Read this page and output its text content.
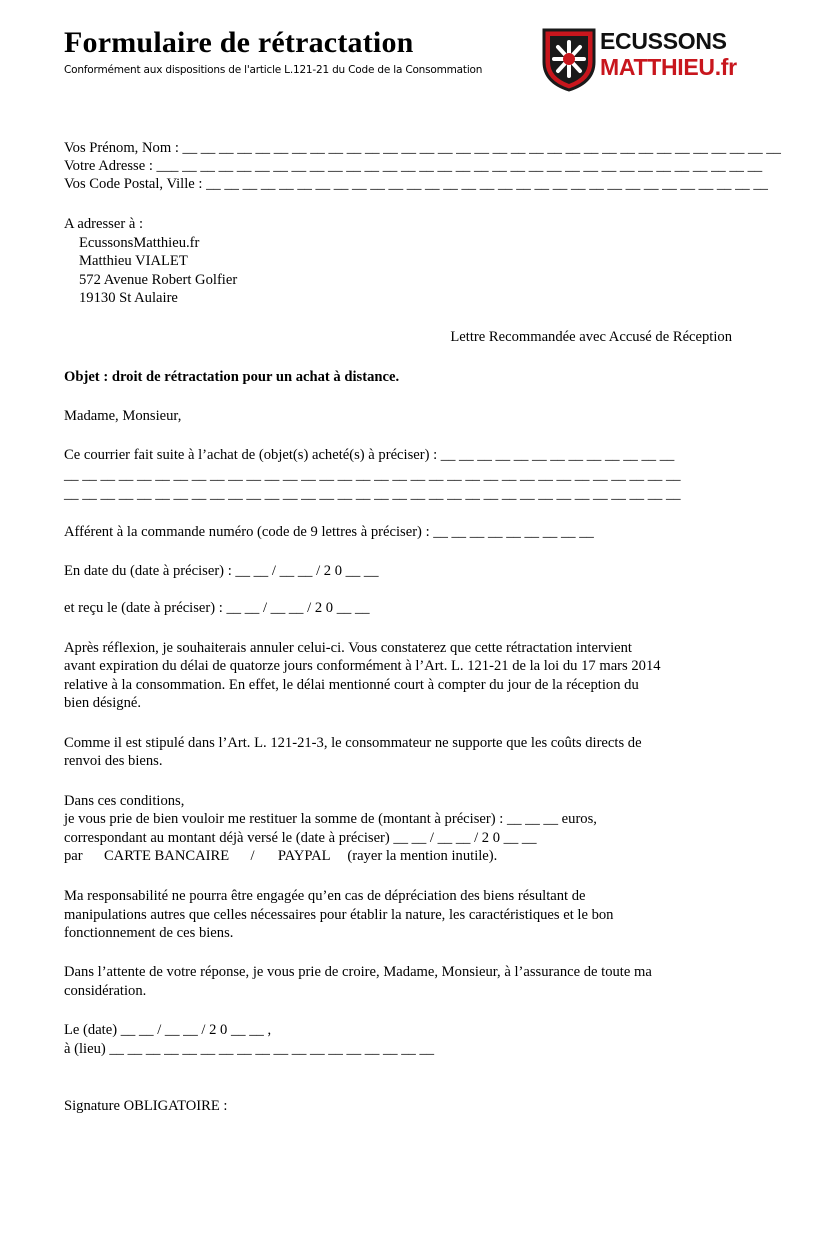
Formulaire de rétractation
Conformément aux dispositions de l'article L.121-21 du Code de la Consommation
ECUSSONS
MATTHIEU.fr
Vos Prénom, Nom : __ __ __ __ __ __ __ __ __ __ __ __ __ __ __ __ __ __ __ __ __ __ __ __ __ __ __ __ __ __ __ __ __
Votre Adresse : ___ __ __ __ __ __ __ __ __ __ __ __ __ __ __ __ __ __ __ __ __ __ __ __ __ __ __ __ __ __ __ __ __
Vos Code Postal, Ville : __ __ __ __ __ __ __ __ __ __ __ __ __ __ __ __ __ __ __ __ __ __ __ __ __ __ __ __ __ __ __
A adresser à :
EcussonsMatthieu.fr
Matthieu VIALET
572 Avenue Robert Golfier
19130 St Aulaire
Lettre Recommandée avec Accusé de Réception
Objet : droit de rétractation pour un achat à distance.
Madame, Monsieur,
Ce courrier fait suite à l’achat de (objet(s) acheté(s) à préciser) : __ __ __ __ __ __ __ __ __ __ __ __ __
__ __ __ __ __ __ __ __ __ __ __ __ __ __ __ __ __ __ __ __ __ __ __ __ __ __ __ __ __ __ __ __ __ __
__ __ __ __ __ __ __ __ __ __ __ __ __ __ __ __ __ __ __ __ __ __ __ __ __ __ __ __ __ __ __ __ __ __
Afférent à la commande numéro (code de 9 lettres à préciser) : __ __ __ __ __ __ __ __ __
En date du (date à préciser) : __ __ / __ __ / 2 0 __ __
et reçu le (date à préciser) : __ __ / __ __ / 2 0 __ __
Après réflexion, je souhaiterais annuler celui-ci. Vous constaterez que cette rétractation intervient
avant expiration du délai de quatorze jours conformément à l’Art. L. 121-21 de la loi du 17 mars 2014
relative à la consommation. En effet, le délai mentionné court à compter du jour de la réception du
bien désigné.
Comme il est stipulé dans l’Art. L. 121-21-3, le consommateur ne supporte que les coûts directs de
renvoi des biens.
Dans ces conditions,
je vous prie de bien vouloir me restituer la somme de (montant à préciser) : __ __ __ euros,
correspondant au montant déjà versé le (date à préciser) __ __ / __ __ / 2 0 __ __
par CARTE BANCAIRE / PAYPAL (rayer la mention inutile).
Ma responsabilité ne pourra être engagée qu’en cas de dépréciation des biens résultant de
manipulations autres que celles nécessaires pour établir la nature, les caractéristiques et le bon
fonctionnement de ces biens.
Dans l’attente de votre réponse, je vous prie de croire, Madame, Monsieur, à l’assurance de toute ma
considération.
Le (date) __ __ / __ __ / 2 0 __ __ ,
à (lieu) __ __ __ __ __ __ __ __ __ __ __ __ __ __ __ __ __ __
Signature OBLIGATOIRE :
